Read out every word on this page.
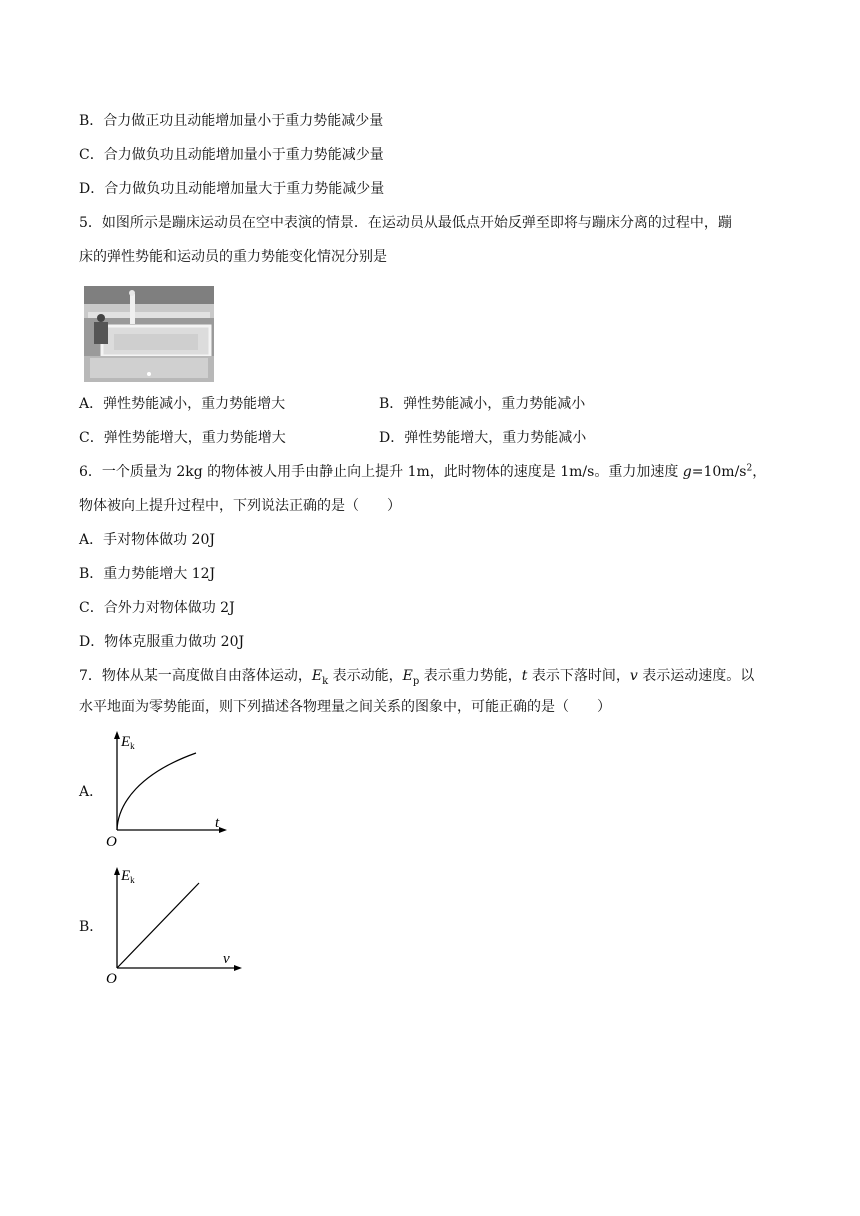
B．合力做正功且动能增加量小于重力势能减少量
C．合力做负功且动能增加量小于重力势能减少量
D．合力做负功且动能增加量大于重力势能减少量
5．如图所示是蹦床运动员在空中表演的情景．在运动员从最低点开始反弹至即将与蹦床分离的过程中，蹦
床的弹性势能和运动员的重力势能变化情况分别是
A．弹性势能减小，重力势能增大	B．弹性势能减小，重力势能减小
C．弹性势能增大，重力势能增大	D．弹性势能增大，重力势能减小
6．一个质量为 2kg 的物体被人用手由静止向上提升 1m，此时物体的速度是 1m/s。重力加速度 $g=10m/s^2$，
物体被向上提升过程中，下列说法正确的是（　　）
A．手对物体做功 20J
B．重力势能增大 12J
C．合外力对物体做功 2J
D．物体克服重力做功 20J
7．物体从某一高度做自由落体运动，$E_k$ 表示动能，$E_p$ 表示重力势能，t 表示下落时间，v 表示运动速度。以
水平地面为零势能面，则下列描述各物理量之间关系的图象中，可能正确的是（　　）
A．
$E_k$
t
O
B．
$E_k$
v
O
